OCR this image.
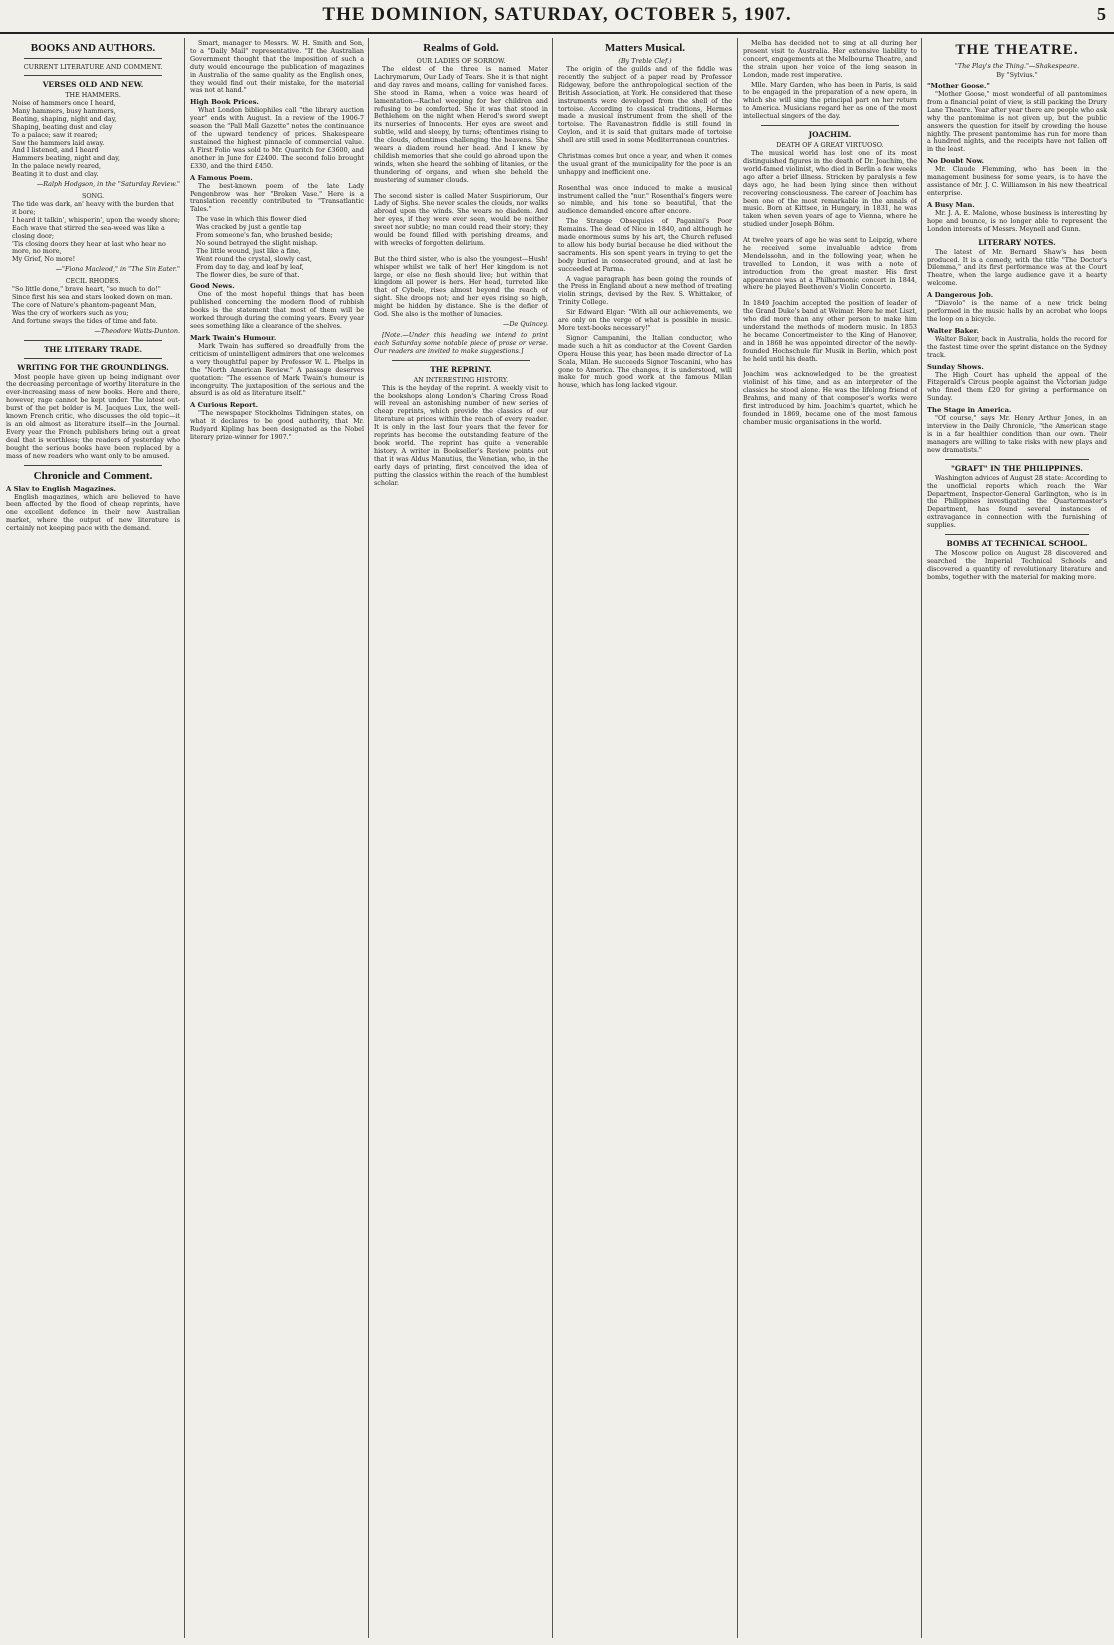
THE DOMINION, SATURDAY, OCTOBER 5, 1907.	5
BOOKS AND AUTHORS.
CURRENT LITERATURE AND COMMENT.
VERSES OLD AND NEW.
THE HAMMERS.
Noise of hammers once I heard,
Many hammers, busy hammers,
Beating, shaping, night and day,
Shaping, beating dust and clay
To a palace; saw it reared;
Saw the hammers laid away.
And I listened, and I heard
Hammers beating, night and day,
In the palace newly reared,
Beating it to dust and clay.
—Ralph Hodgson, in the "Saturday Review."
SONG.
The tide was dark, an' heavy with the burden that it bore;
I heard it talkin', whisperin', upon the weedy shore;
Each wave that stirred the sea-weed was like a closing door;
'Tis closing doors they hear at last who hear no more, no more,
My Grief, No more!
—"Fiona Macleod," in "The Sin Eater."
CECIL RHODES.
"So little done," brave heart, "so much to do!"
Since first his sea and stars looked down on man.
The core of Nature's phantom-pageant Man,
Was the cry of workers such as you;
And fortune sways the tides of time and fate.
—Theodore Watts-Dunton.
THE LITERARY TRADE.
WRITING FOR THE GROUNDLINGS.

Most people have given up being indignant over the decreasing percentage of worthy literature in the ever-increasing mass of new books. Here and there, however, rage cannot be kept under. The latest out-burst of the pet bolder is M. Jacques Lux, the well-known French critic, who discusses the old topic—it is an old almost as literature itself—in the Journal. Every year the French publishers bring out a great deal that is worthless; the readers of yesterday who bought the serious books have been replaced by a mass of new readers who want only to be amused.

Chronicle and Comment.
A Slav to English Magazines.

English magazines, which are believed to have been affected by the flood of cheap reprints, have one excellent defence in their new Australian market, where the output of new literature is certainly not keeping pace with the demand.

Smart, manager to Messrs. W. H. Smith and Son, to a "Daily Mail" representative. "If the Australian Government thought that the imposition of such a duty would encourage the publication of magazines in Australia of the same quality as the English ones, they would find out their mistake, for the material was not at hand."

High Book Prices.

What London bibliophiles call "the library auction year" ends with August. In a review of the 1906-7 season the "Pall Mall Gazette" notes the continuance of the upward tendency of prices. Shakespeare sustained the highest pinnacle of commercial value. A First Folio was sold to Mr. Quaritch for £3600, and another in June for £2400. The second folio brought £330, and the third £450.

A Famous Poem.

The best-known poem of the late Lady Pengenbrow was her "Broken Vase." Here is a translation recently contributed to "Transatlantic Tales."

The vase in which this flower died
Was cracked by just a gentle tap
From someone's fan, who brushed beside;
No sound betrayed the slight mishap.
The little wound, just like a fine,
Went round the crystal, slowly cast,
From day to day, and leaf by leaf,
The flower dies, be sure of that.
Good News.

One of the most hopeful things that has been published concerning the modern flood of rubbish books is the statement that most of them will be worked through during the coming years. Every year sees something like a clearance of the shelves.

Mark Twain's Humour.

Mark Twain has suffered so dreadfully from the criticism of unintelligent admirers that one welcomes a very thoughtful paper by Professor W. L. Phelps in the "North American Review." A passage deserves quotation: "The essence of Mark Twain's humour is incongruity. The juxtaposition of the serious and the absurd is as old as literature itself."

A Curious Report.

"The newspaper Stockholms Tidningen states, on what it declares to be good authority, that Mr. Rudyard Kipling has been designated as the Nobel literary prize-winner for 1907."

Realms of Gold.
OUR LADIES OF SORROW.

The eldest of the three is named Mater Lachrymarum, Our Lady of Tears. She it is that night and day raves and moans, calling for vanished faces. She stood in Rama, when a voice was heard of lamentation—Rachel weeping for her children and refusing to be comforted. She it was that stood in Bethlehem on the night when Herod's sword swept its nurseries of Innocents. Her eyes are sweet and subtle, wild and sleepy, by turns; oftentimes rising to the clouds, oftentimes challenging the heavens. She wears a diadem round her head. And I knew by childish memories that she could go abroad upon the winds, when she heard the sobbing of litanies, or the thundering of organs, and when she beheld the mustering of summer clouds.

The second sister is called Mater Suspiriorum, Our Lady of Sighs. She never scales the clouds, nor walks abroad upon the winds. She wears no diadem. And her eyes, if they were ever seen, would be neither sweet nor subtle; no man could read their story; they would be found filled with perishing dreams, and with wrecks of forgotten delirium.

But the third sister, who is also the youngest—Hush! whisper whilst we talk of her! Her kingdom is not large, or else no flesh should live; but within that kingdom all power is hers. Her head, turreted like that of Cybele, rises almost beyond the reach of sight. She droops not; and her eyes rising so high, might be hidden by distance. She is the defier of God. She also is the mother of lunacies.

—De Quincey.

[Note.—Under this heading we intend to print each Saturday some notable piece of prose or verse. Our readers are invited to make suggestions.]

THE REPRINT.
AN INTERESTING HISTORY.

This is the heyday of the reprint. A weekly visit to the bookshops along London's Charing Cross Road will reveal an astonishing number of new series of cheap reprints, which provide the classics of our literature at prices within the reach of every reader. It is only in the last four years that the fever for reprints has become the outstanding feature of the book world. The reprint has quite a venerable history. A writer in Bookseller's Review points out that it was Aldus Manutius, the Venetian, who, in the early days of printing, first conceived the idea of putting the classics within the reach of the humblest scholar.

Matters Musical.
(By Treble Clef.)

The origin of the guilds and of the fiddle was recently the subject of a paper read by Professor Ridgeway, before the anthropological section of the British Association, at York. He considered that these instruments were developed from the shell of the tortoise. According to classical traditions, Hermes made a musical instrument from the shell of the tortoise. The Ravanastron fiddle is still found in Ceylon, and it is said that guitars made of tortoise shell are still used in some Mediterranean countries.

Christmas comes but once a year, and when it comes the usual grant of the municipality for the poor is an unhappy and inefficient one.

Rosenthal was once induced to make a musical instrument called the "nur." Rosenthal's fingers were so nimble, and his tone so beautiful, that the audience demanded encore after encore.

The Strange Obsequies of Paganini's Poor Remains. The dead of Nice in 1840, and although he made enormous sums by his art, the Church refused to allow his body burial because he died without the sacraments. His son spent years in trying to get the body buried in consecrated ground, and at last he succeeded at Parma.

A vague paragraph has been going the rounds of the Press in England about a new method of treating violin strings, devised by the Rev. S. Whittaker, of Trinity College.

Sir Edward Elgar: "With all our achievements, we are only on the verge of what is possible in music. More text-books necessary!"

Signor Campanini, the Italian conductor, who made such a hit as conductor at the Covent Garden Opera House this year, has been made director of La Scala, Milan. He succeeds Signor Toscanini, who has gone to America. The changes, it is understood, will make for much good work at the famous Milan house, which has long lacked vigour.

Melba has decided not to sing at all during her present visit to Australia. Her extensive liability to concert, engagements at the Melbourne Theatre, and the strain upon her voice of the long season in London, made rest imperative.

Mlle. Mary Garden, who has been in Paris, is said to be engaged in the preparation of a new opera, in which she will sing the principal part on her return to America. Musicians regard her as one of the most intellectual singers of the day.

JOACHIM.
DEATH OF A GREAT VIRTUOSO.

The musical world has lost one of its most distinguished figures in the death of Dr. Joachim, the world-famed violinist, who died in Berlin a few weeks ago after a brief illness. Stricken by paralysis a few days ago, he had been lying since then without recovering consciousness. The career of Joachim has been one of the most remarkable in the annals of music. Born at Kittsee, in Hungary, in 1831, he was taken when seven years of age to Vienna, where he studied under Joseph Böhm.

At twelve years of age he was sent to Leipzig, where he received some invaluable advice from Mendelssohn, and in the following year, when he travelled to London, it was with a note of introduction from the great master. His first appearance was at a Philharmonic concert in 1844, where he played Beethoven's Violin Concerto.

In 1849 Joachim accepted the position of leader of the Grand Duke's band at Weimar. Here he met Liszt, who did more than any other person to make him understand the methods of modern music. In 1853 he became Concertmeister to the King of Hanover, and in 1868 he was appointed director of the newly-founded Hochschule für Musik in Berlin, which post he held until his death.

Joachim was acknowledged to be the greatest violinist of his time, and as an interpreter of the classics he stood alone. He was the lifelong friend of Brahms, and many of that composer's works were first introduced by him. Joachim's quartet, which he founded in 1869, became one of the most famous chamber music organisations in the world.

THE THEATRE.
"The Play's the Thing."—Shakespeare.
By "Sylvius."
"Mother Goose."

"Mother Goose," most wonderful of all pantomimes from a financial point of view, is still packing the Drury Lane Theatre. Year after year there are people who ask why the pantomime is not given up, but the public answers the question for itself by crowding the house nightly. The present pantomime has run for more than a hundred nights, and the receipts have not fallen off in the least.

No Doubt Now.

Mr. Claude Flemming, who has been in the management business for some years, is to have the assistance of Mr. J. C. Williamson in his new theatrical enterprise.

A Busy Man.

Mr. J. A. E. Malone, whose business is interesting by hope and bounce, is no longer able to represent the London interests of Messrs. Meynell and Gunn.

LITERARY NOTES.

The latest of Mr. Bernard Shaw's has been produced. It is a comedy, with the title "The Doctor's Dilemma," and its first performance was at the Court Theatre, when the large audience gave it a hearty welcome.

A Dangerous Job.

"Diavolo" is the name of a new trick being performed in the music halls by an acrobat who loops the loop on a bicycle.

Walter Baker.

Walter Baker, back in Australia, holds the record for the fastest time over the sprint distance on the Sydney track.

Sunday Shows.

The High Court has upheld the appeal of the Fitzgerald's Circus people against the Victorian judge who fined them £20 for giving a performance on Sunday.

The Stage in America.

"Of course," says Mr. Henry Arthur Jones, in an interview in the Daily Chronicle, "the American stage is in a far healthier condition than our own. Their managers are willing to take risks with new plays and new dramatists."

"GRAFT" IN THE PHILIPPINES.

Washington advices of August 28 state: According to the unofficial reports which reach the War Department, Inspector-General Garlington, who is in the Philippines investigating the Quartermaster's Department, has found several instances of extravagance in connection with the furnishing of supplies.

BOMBS AT TECHNICAL SCHOOL.

The Moscow police on August 28 discovered and searched the Imperial Technical Schools and discovered a quantity of revolutionary literature and bombs, together with the material for making more.
